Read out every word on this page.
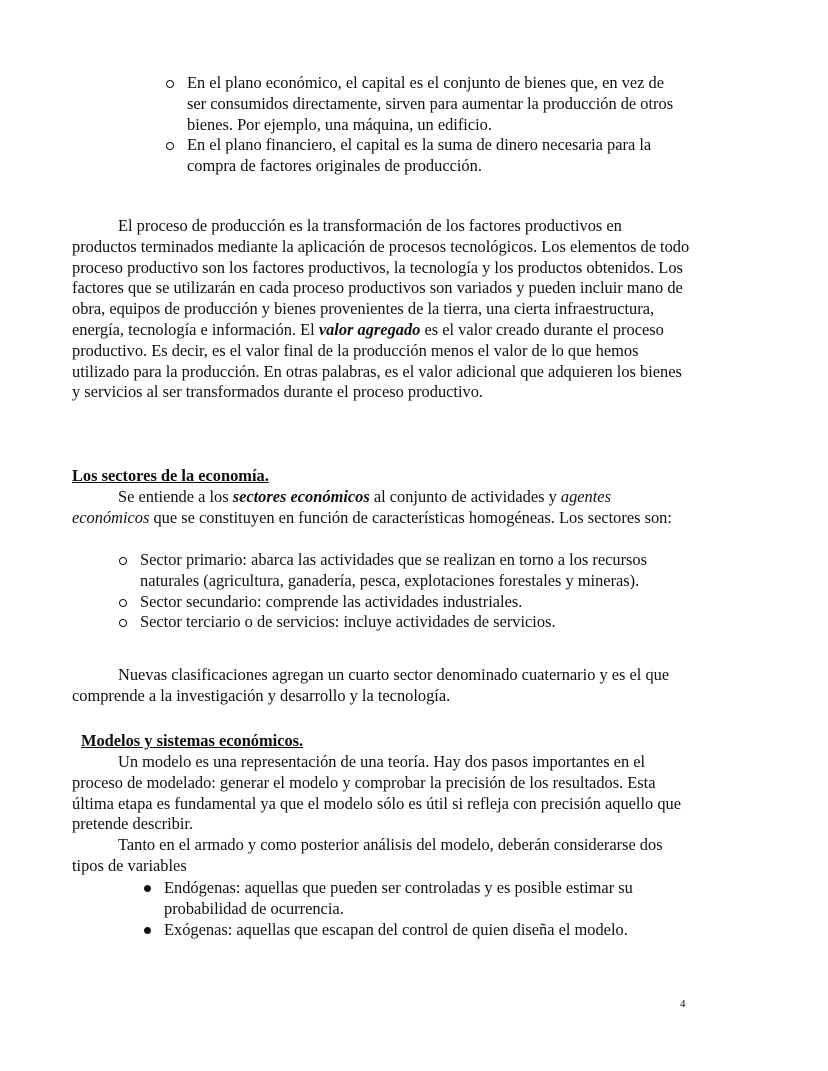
En el plano económico, el capital es el conjunto de bienes que, en vez de ser consumidos directamente, sirven para aumentar la producción de otros bienes. Por ejemplo, una máquina, un edificio.
En el plano financiero, el capital es la suma de dinero necesaria para la compra de factores originales de producción.

El proceso de producción es la transformación de los factores productivos en productos terminados mediante la aplicación de procesos tecnológicos. Los elementos de todo proceso productivo son los factores productivos, la tecnología y los productos obtenidos. Los factores que se utilizarán en cada proceso productivos son variados y pueden incluir mano de obra, equipos de producción y bienes provenientes de la tierra, una cierta infraestructura, energía, tecnología e información. El valor agregado es el valor creado durante el proceso productivo. Es decir, es el valor final de la producción menos el valor de lo que hemos utilizado para la producción. En otras palabras, es el valor adicional que adquieren los bienes y servicios al ser transformados durante el proceso productivo.

Los sectores de la economía.

Se entiende a los sectores económicos al conjunto de actividades y agentes económicos que se constituyen en función de características homogéneas. Los sectores son:

Sector primario: abarca las actividades que se realizan en torno a los recursos naturales (agricultura, ganadería, pesca, explotaciones forestales y mineras).
Sector secundario: comprende las actividades industriales.
Sector terciario o de servicios: incluye actividades de servicios.

Nuevas clasificaciones agregan un cuarto sector denominado cuaternario y es el que comprende a la investigación y desarrollo y la tecnología.

Modelos y sistemas económicos.

Un modelo es una representación de una teoría. Hay dos pasos importantes en el proceso de modelado: generar el modelo y comprobar la precisión de los resultados. Esta última etapa es fundamental ya que el modelo sólo es útil si refleja con precisión aquello que pretende describir.

Tanto en el armado y como posterior análisis del modelo, deberán considerarse dos tipos de variables

Endógenas: aquellas que pueden ser controladas y es posible estimar su probabilidad de ocurrencia.
Exógenas: aquellas que escapan del control de quien diseña el modelo.
4
